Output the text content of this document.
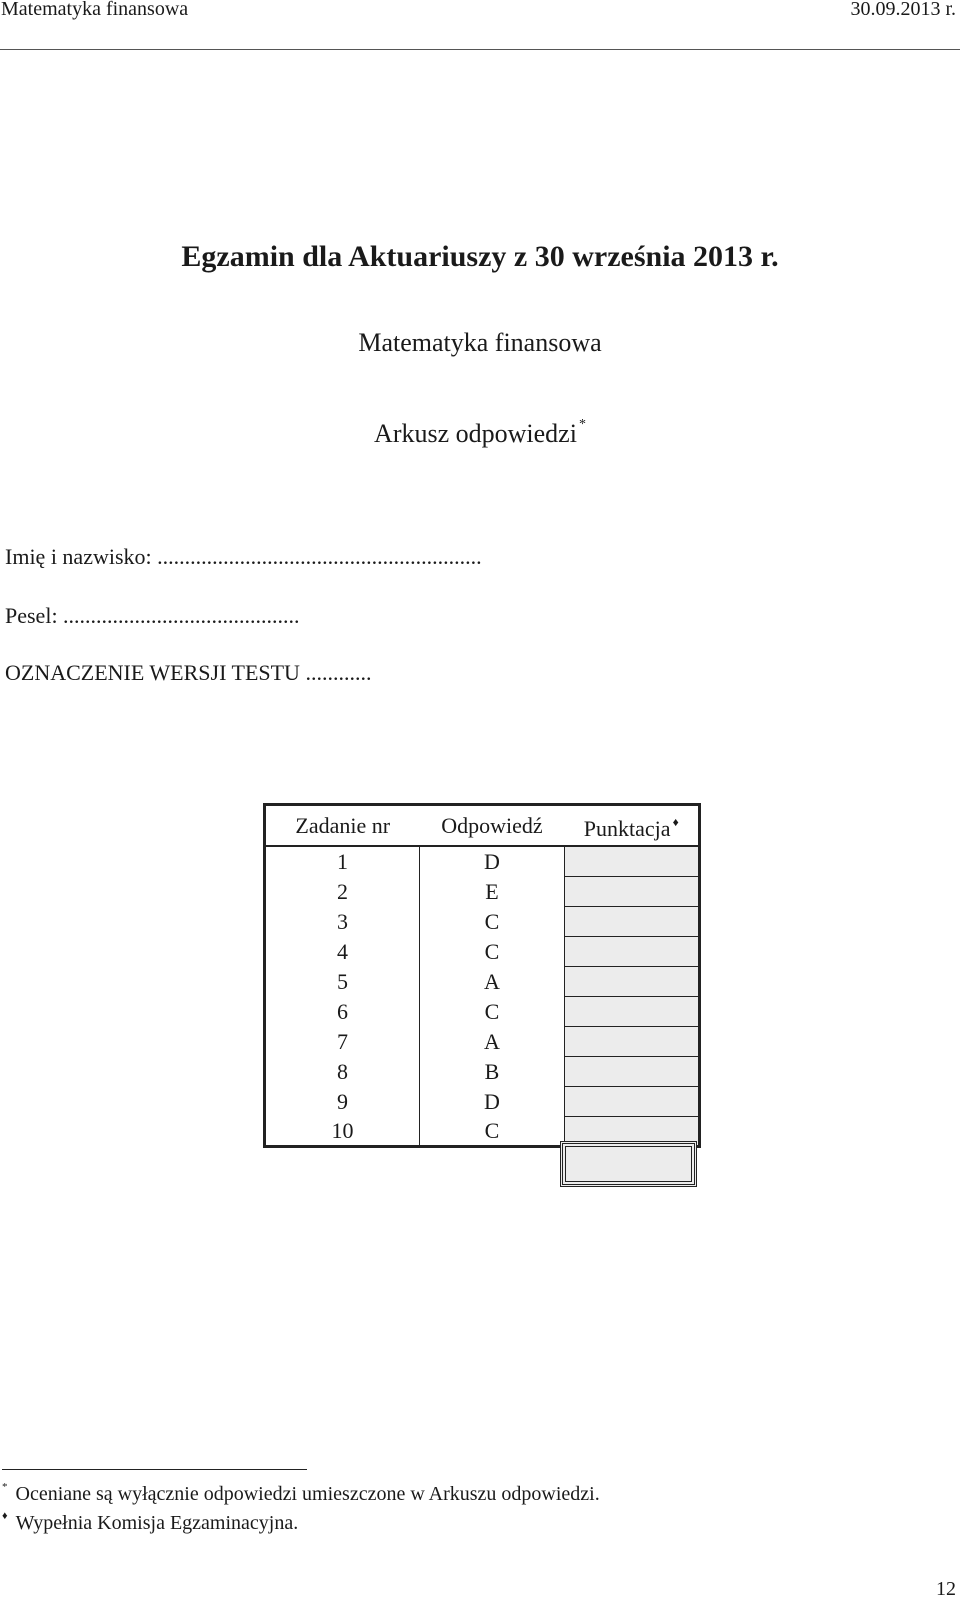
Matematyka finansowa	30.09.2013 r.
Egzamin dla Aktuariuszy z 30 września 2013 r.
Matematyka finansowa
Arkusz odpowiedzi *
Imię i nazwisko: ...........................................................
Pesel: ...........................................
OZNACZENIE WERSJI TESTU ............
Zadanie nr	Odpowiedź	Punktacja ♦
1	D	
2	E	
3	C	
4	C	
5	A	
6	C	
7	A	
8	B	
9	D	
10	C	
* Oceniane są wyłącznie odpowiedzi umieszczone w Arkuszu odpowiedzi.
♦ Wypełnia Komisja Egzaminacyjna.
12
